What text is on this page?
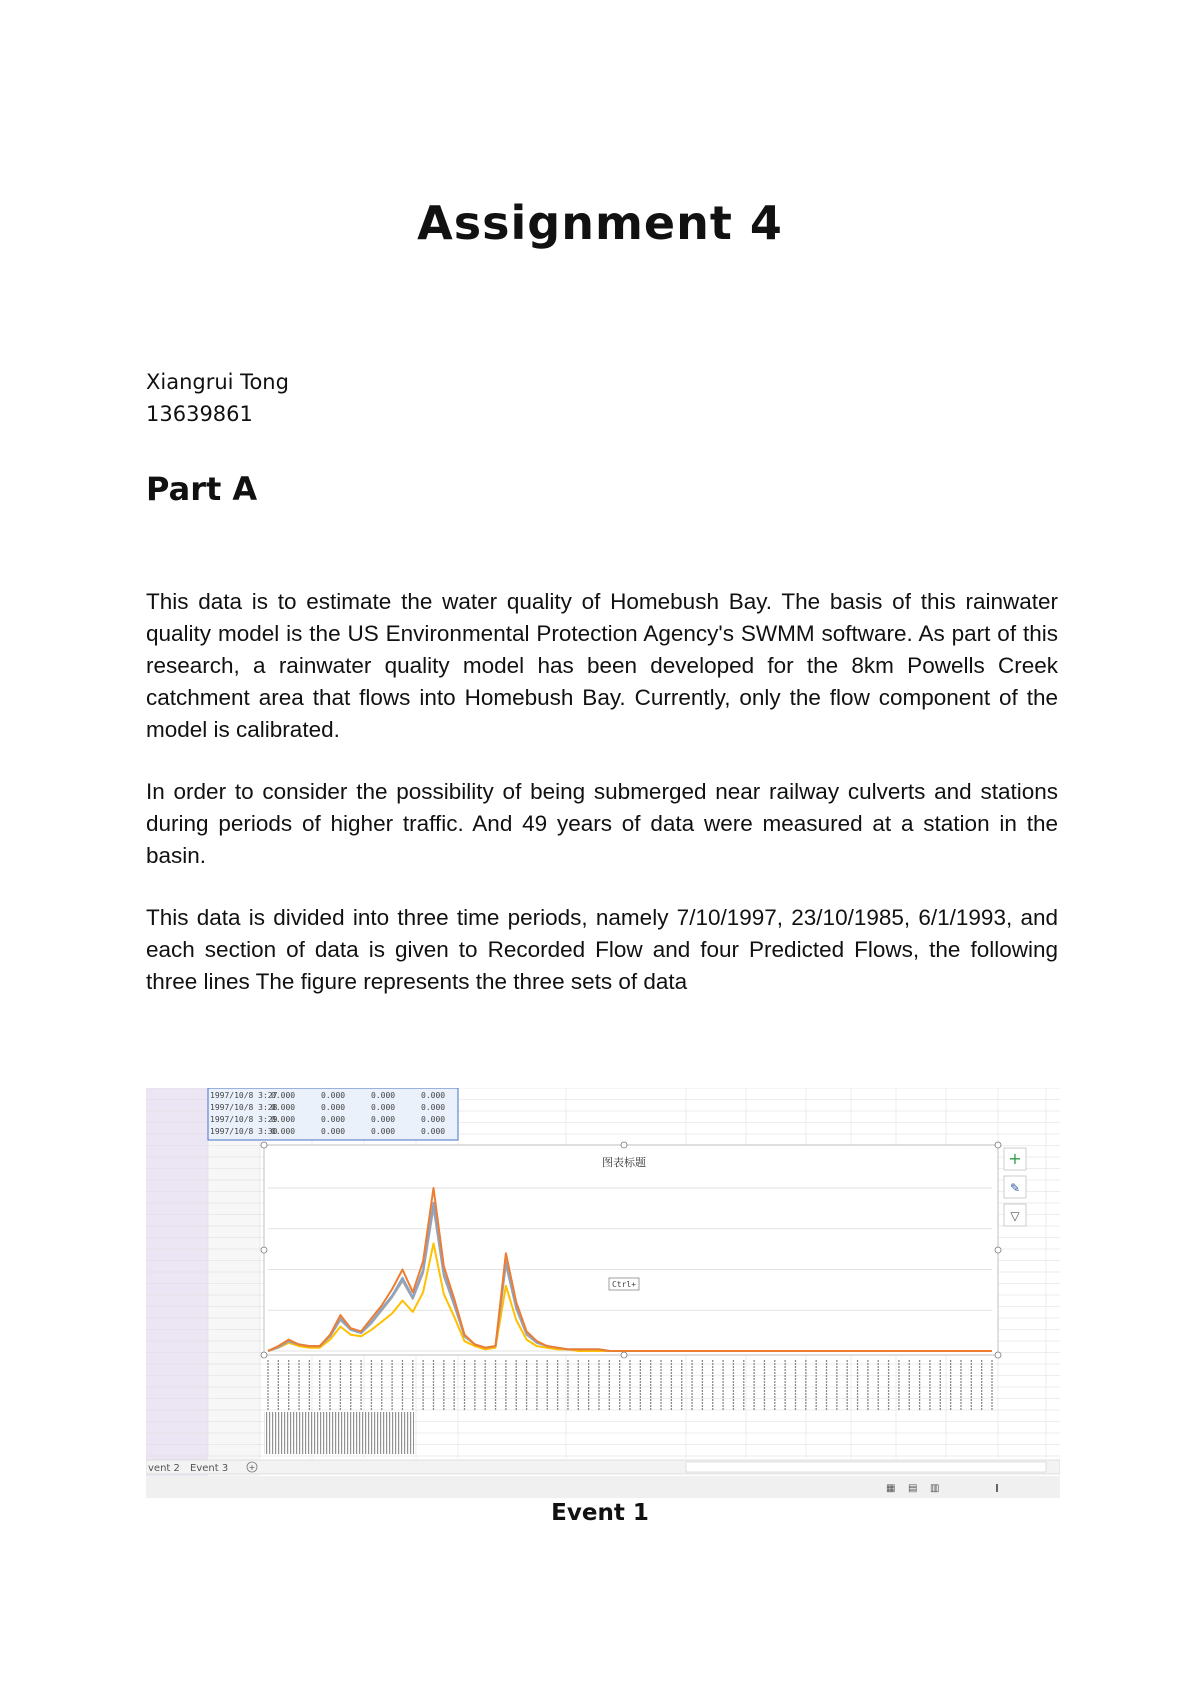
Assignment 4
Xiangrui Tong
13639861
Part A

This data is to estimate the water quality of Homebush Bay. The basis of this rainwater quality model is the US Environmental Protection Agency's SWMM software. As part of this research, a rainwater quality model has been developed for the 8km Powells Creek catchment area that flows into Homebush Bay. Currently, only the flow component of the model is calibrated.

In order to consider the possibility of being submerged near railway culverts and stations during periods of higher traffic. And 49 years of data were measured at a station in the basin.

This data is divided into three time periods, namely 7/10/1997, 23/10/1985, 6/1/1993, and each section of data is given to Recorded Flow and four Predicted Flows, the following three lines The figure represents the three sets of data

1997/10/8 3:27
0.000	0.000	0.000	0.000
1997/10/8 3:28
0.000	0.000	0.000	0.000
1997/10/8 3:29
0.000	0.000	0.000	0.000
1997/10/8 3:30
0.000	0.000	0.000	0.000
图表标题
Ctrl+
+
✎
▽
vent 2 Event 3	+
▦ ▤ ▥
Event 1
